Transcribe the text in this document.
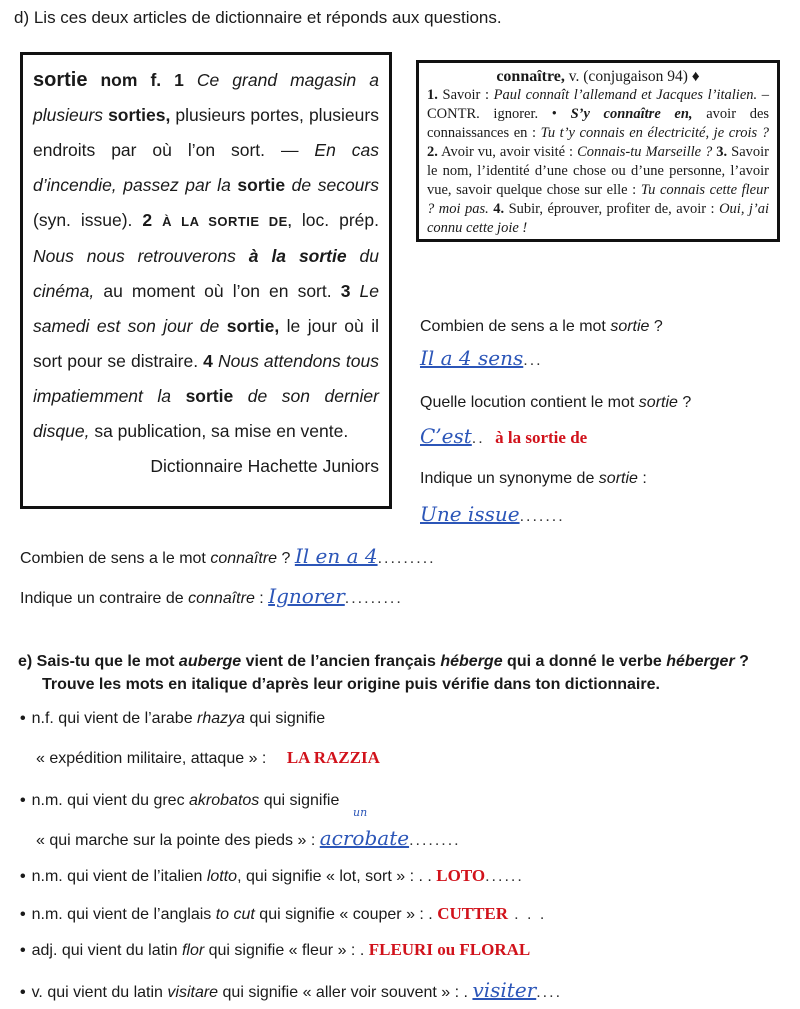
d) Lis ces deux articles de dictionnaire et réponds aux questions.
sortie nom f. 1 Ce grand magasin a plusieurs sorties, plusieurs portes, plusieurs endroits par où l’on sort. — En cas d’incendie, passez par la sortie de secours (syn. issue). 2 À LA SORTIE DE, loc. prép. Nous nous retrouverons à la sortie du cinéma, au moment où l’on en sort. 3 Le samedi est son jour de sortie, le jour où il sort pour se distraire. 4 Nous attendons tous impatiemment la sortie de son dernier disque, sa publication, sa mise en vente.
Dictionnaire Hachette Juniors
connaître, v. (conjugaison 94) ♦
1. Savoir : Paul connaît l’allemand et Jacques l’italien. – CONTR. ignorer. • S’y connaître en, avoir des connaissances en : Tu t’y connais en électricité, je crois ? 2. Avoir vu, avoir visité : Connais-tu Marseille ? 3. Savoir le nom, l’identité d’une chose ou d’une personne, l’avoir vue, savoir quelque chose sur elle : Tu connais cette fleur ? moi pas. 4. Subir, éprouver, profiter de, avoir : Oui, j’ai connu cette joie !
Combien de sens a le mot sortie ?
Il a 4 sens...
Quelle locution contient le mot sortie ?
C’est.. à la sortie de
Indique un synonyme de sortie :
Une issue.......
Combien de sens a le mot connaître ? Il en a 4.........
Indique un contraire de connaître : Ignorer.........
e) Sais-tu que le mot auberge vient de l’ancien français héberge qui a donné le verbe héberger ?
Trouve les mots en italique d’après leur origine puis vérifie dans ton dictionnaire.
• n.f. qui vient de l’arabe rhazya qui signifie
« expédition militaire, attaque » : LA RAZZIA
• n.m. qui vient du grec akrobatos qui signifie
un
« qui marche sur la pointe des pieds » : acrobate........
• n.m. qui vient de l’italien lotto, qui signifie « lot, sort » : . . LOTO......
• n.m. qui vient de l’anglais to cut qui signifie « couper » : . CUTTER . . .
• adj. qui vient du latin flor qui signifie « fleur » : . FLEURI ou FLORAL
• v. qui vient du latin visitare qui signifie « aller voir souvent » : . visiter....
